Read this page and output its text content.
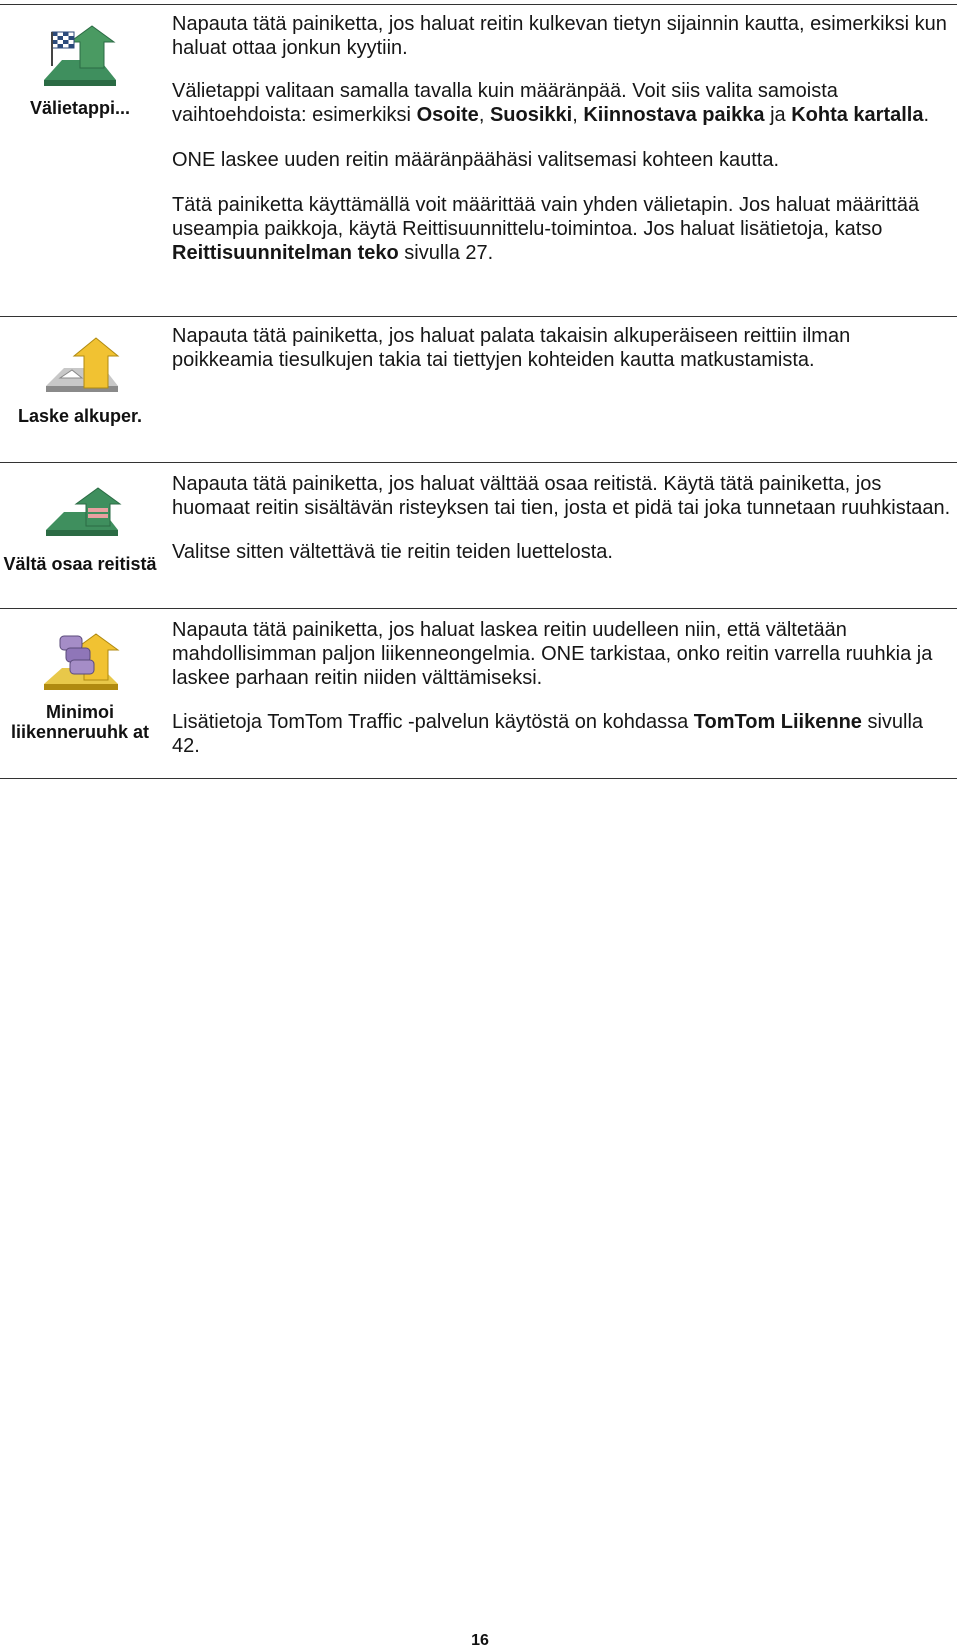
Välietappi...

Napauta tätä painiketta, jos haluat reitin kulkevan tietyn sijainnin kautta, esimerkiksi kun haluat ottaa jonkun kyytiin.

Välietappi valitaan samalla tavalla kuin määränpää. Voit siis valita samoista vaihtoehdoista: esimerkiksi Osoite, Suosikki, Kiinnostava paikka ja Kohta kartalla.

ONE laskee uuden reitin määränpäähäsi valitsemasi kohteen kautta.

Tätä painiketta käyttämällä voit määrittää vain yhden välietapin. Jos haluat määrittää useampia paikkoja, käytä Reittisuunnittelu-toimintoa. Jos haluat lisätietoja, katso Reittisuunnitelman teko sivulla 27.

Laske alkuper.

Napauta tätä painiketta, jos haluat palata takaisin alkuperäiseen reittiin ilman poikkeamia tiesulkujen takia tai tiettyjen kohteiden kautta matkustamista.

Vältä osaa reitistä

Napauta tätä painiketta, jos haluat välttää osaa reitistä. Käytä tätä painiketta, jos huomaat reitin sisältävän risteyksen tai tien, josta et pidä tai joka tunnetaan ruuhkistaan.

Valitse sitten vältettävä tie reitin teiden luettelosta.

Minimoi liikenneruuhk at

Napauta tätä painiketta, jos haluat laskea reitin uudelleen niin, että vältetään mahdollisimman paljon liikenneongelmia. ONE tarkistaa, onko reitin varrella ruuhkia ja laskee parhaan reitin niiden välttämiseksi.

Lisätietoja TomTom Traffic -palvelun käytöstä on kohdassa TomTom Liikenne sivulla 42.

16
